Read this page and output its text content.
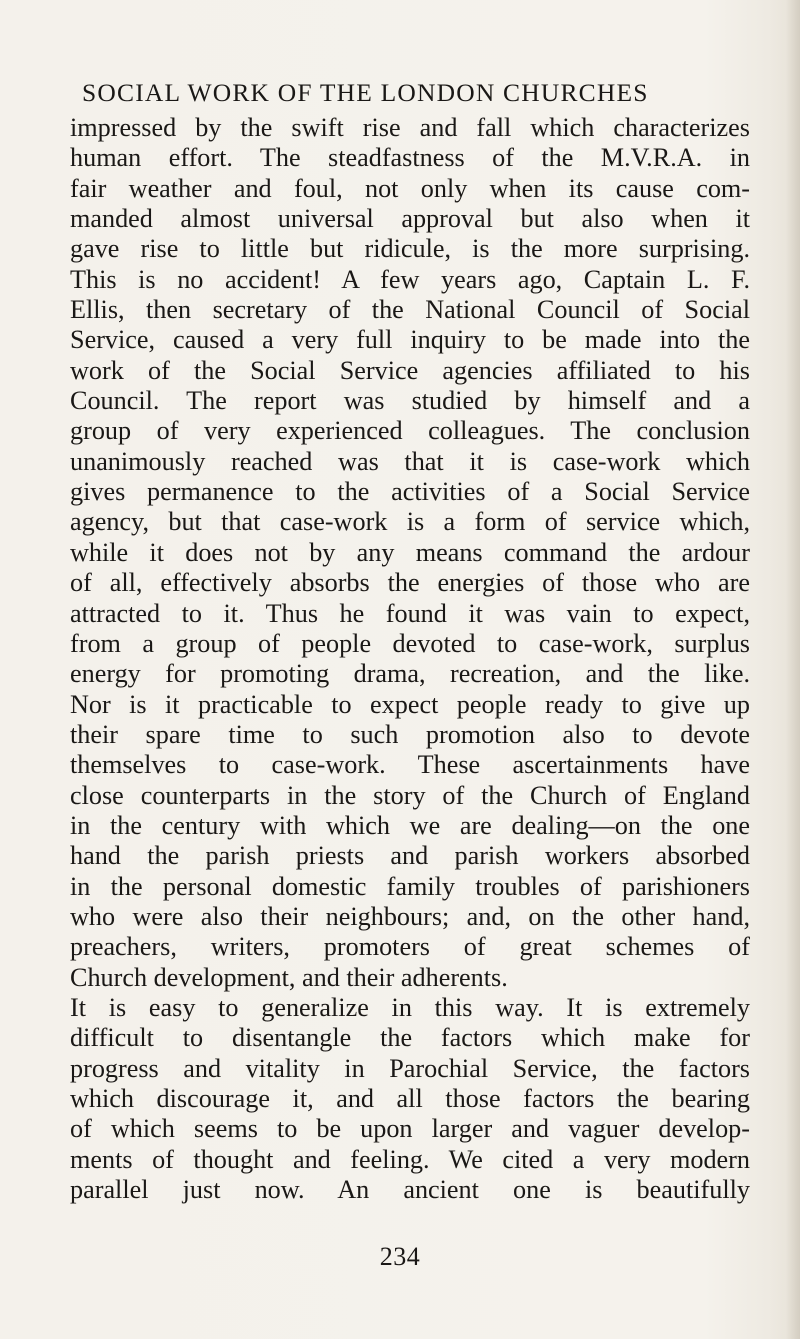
SOCIAL WORK OF THE LONDON CHURCHES
impressed by the swift rise and fall which characterizes
human effort. The steadfastness of the M.V.R.A. in
fair weather and foul, not only when its cause com-
manded almost universal approval but also when it
gave rise to little but ridicule, is the more surprising.
This is no accident! A few years ago, Captain L. F.
Ellis, then secretary of the National Council of Social
Service, caused a very full inquiry to be made into the
work of the Social Service agencies affiliated to his
Council. The report was studied by himself and a
group of very experienced colleagues. The conclusion
unanimously reached was that it is case-work which
gives permanence to the activities of a Social Service
agency, but that case-work is a form of service which,
while it does not by any means command the ardour
of all, effectively absorbs the energies of those who are
attracted to it. Thus he found it was vain to expect,
from a group of people devoted to case-work, surplus
energy for promoting drama, recreation, and the like.
Nor is it practicable to expect people ready to give up
their spare time to such promotion also to devote
themselves to case-work. These ascertainments have
close counterparts in the story of the Church of England
in the century with which we are dealing—on the one
hand the parish priests and parish workers absorbed
in the personal domestic family troubles of parishioners
who were also their neighbours; and, on the other hand,
preachers, writers, promoters of great schemes of
Church development, and their adherents.
It is easy to generalize in this way. It is extremely
difficult to disentangle the factors which make for
progress and vitality in Parochial Service, the factors
which discourage it, and all those factors the bearing
of which seems to be upon larger and vaguer develop-
ments of thought and feeling. We cited a very modern
parallel just now. An ancient one is beautifully
234
